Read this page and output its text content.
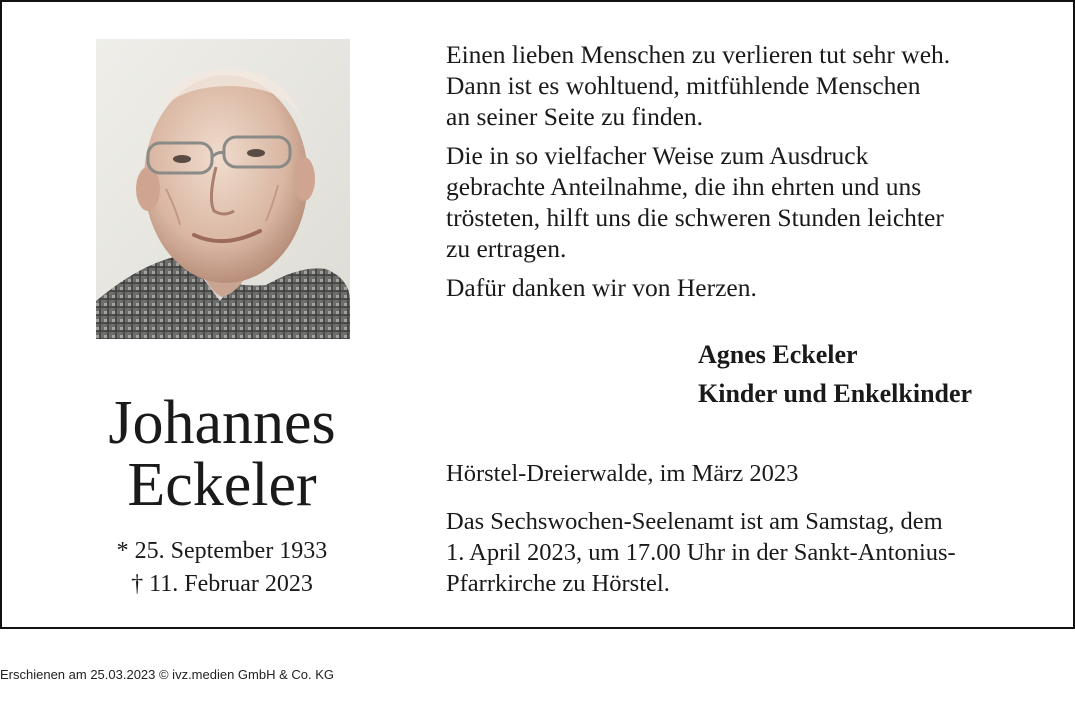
Johannes
Eckeler
* 25. September 1933
† 11. Februar 2023
Einen lieben Menschen zu verlieren tut sehr weh.
Dann ist es wohltuend, mitfühlende Menschen
an seiner Seite zu finden.
Die in so vielfacher Weise zum Ausdruck
gebrachte Anteilnahme, die ihn ehrten und uns
trösteten, hilft uns die schweren Stunden leichter
zu ertragen.
Dafür danken wir von Herzen.
Agnes Eckeler
Kinder und Enkelkinder
Hörstel-Dreierwalde, im März 2023
Das Sechswochen-Seelenamt ist am Samstag, dem
1. April 2023, um 17.00 Uhr in der Sankt-Antonius-
Pfarrkirche zu Hörstel.
Erschienen am 25.03.2023 © ivz.medien GmbH & Co. KG
